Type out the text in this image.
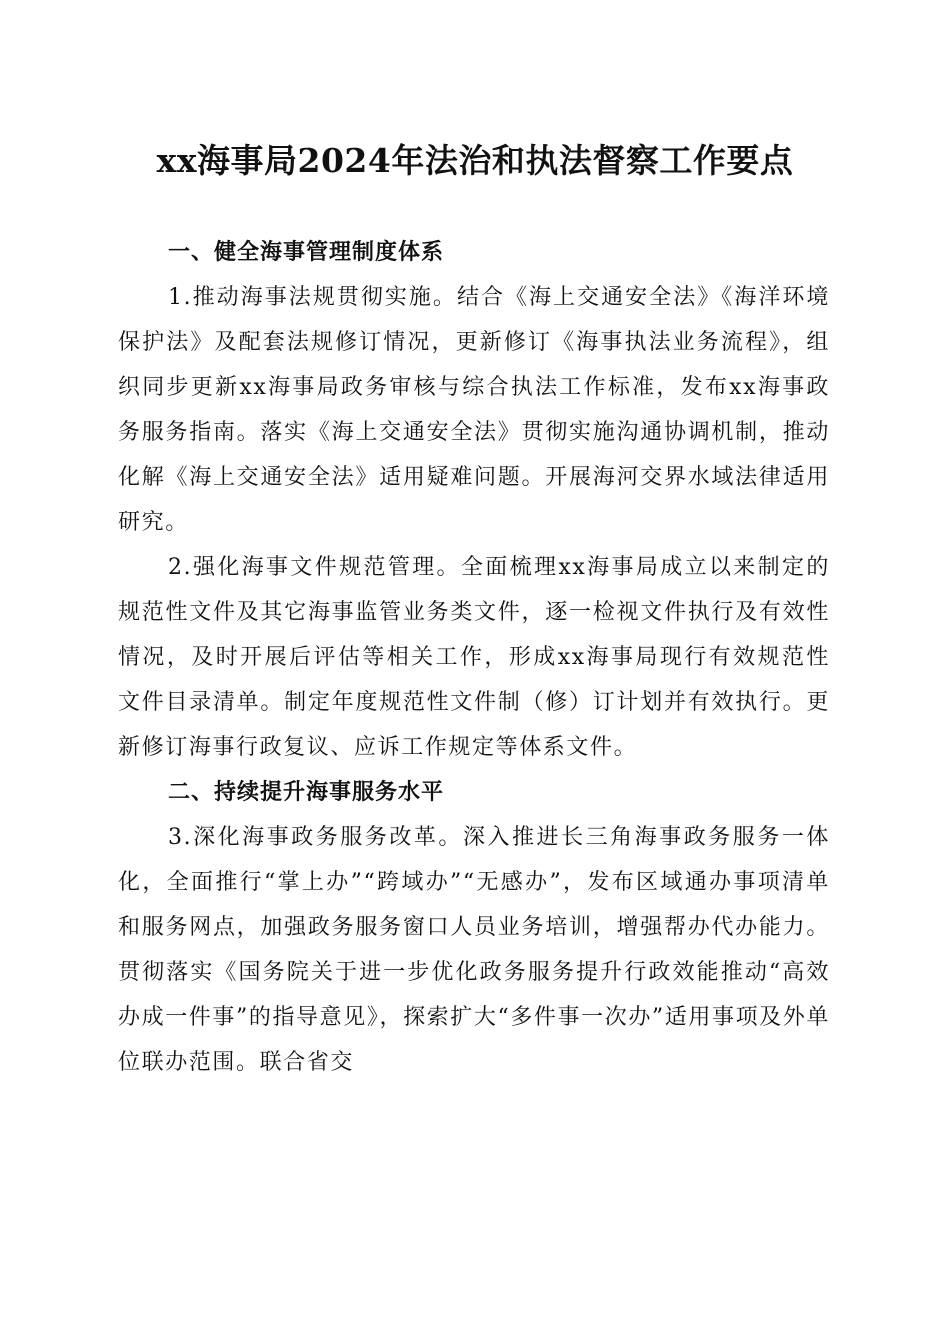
xx海事局2024年法治和执法督察工作要点

一、健全海事管理制度体系

1.推动海事法规贯彻实施。结合《海上交通安全法》《海洋环境保护法》及配套法规修订情况，更新修订《海事执法业务流程》，组织同步更新xx海事局政务审核与综合执法工作标准，发布xx海事政务服务指南。落实《海上交通安全法》贯彻实施沟通协调机制，推动化解《海上交通安全法》适用疑难问题。开展海河交界水域法律适用研究。

2.强化海事文件规范管理。全面梳理xx海事局成立以来制定的规范性文件及其它海事监管业务类文件，逐一检视文件执行及有效性情况，及时开展后评估等相关工作，形成xx海事局现行有效规范性文件目录清单。制定年度规范性文件制（修）订计划并有效执行。更新修订海事行政复议、应诉工作规定等体系文件。

二、持续提升海事服务水平

3.深化海事政务服务改革。深入推进长三角海事政务服务一体化，全面推行“掌上办”“跨域办”“无感办”，发布区域通办事项清单和服务网点，加强政务服务窗口人员业务培训，增强帮办代办能力。贯彻落实《国务院关于进一步优化政务服务提升行政效能推动“高效办成一件事”的指导意见》，探索扩大“多件事一次办”适用事项及外单位联办范围。联合省交
